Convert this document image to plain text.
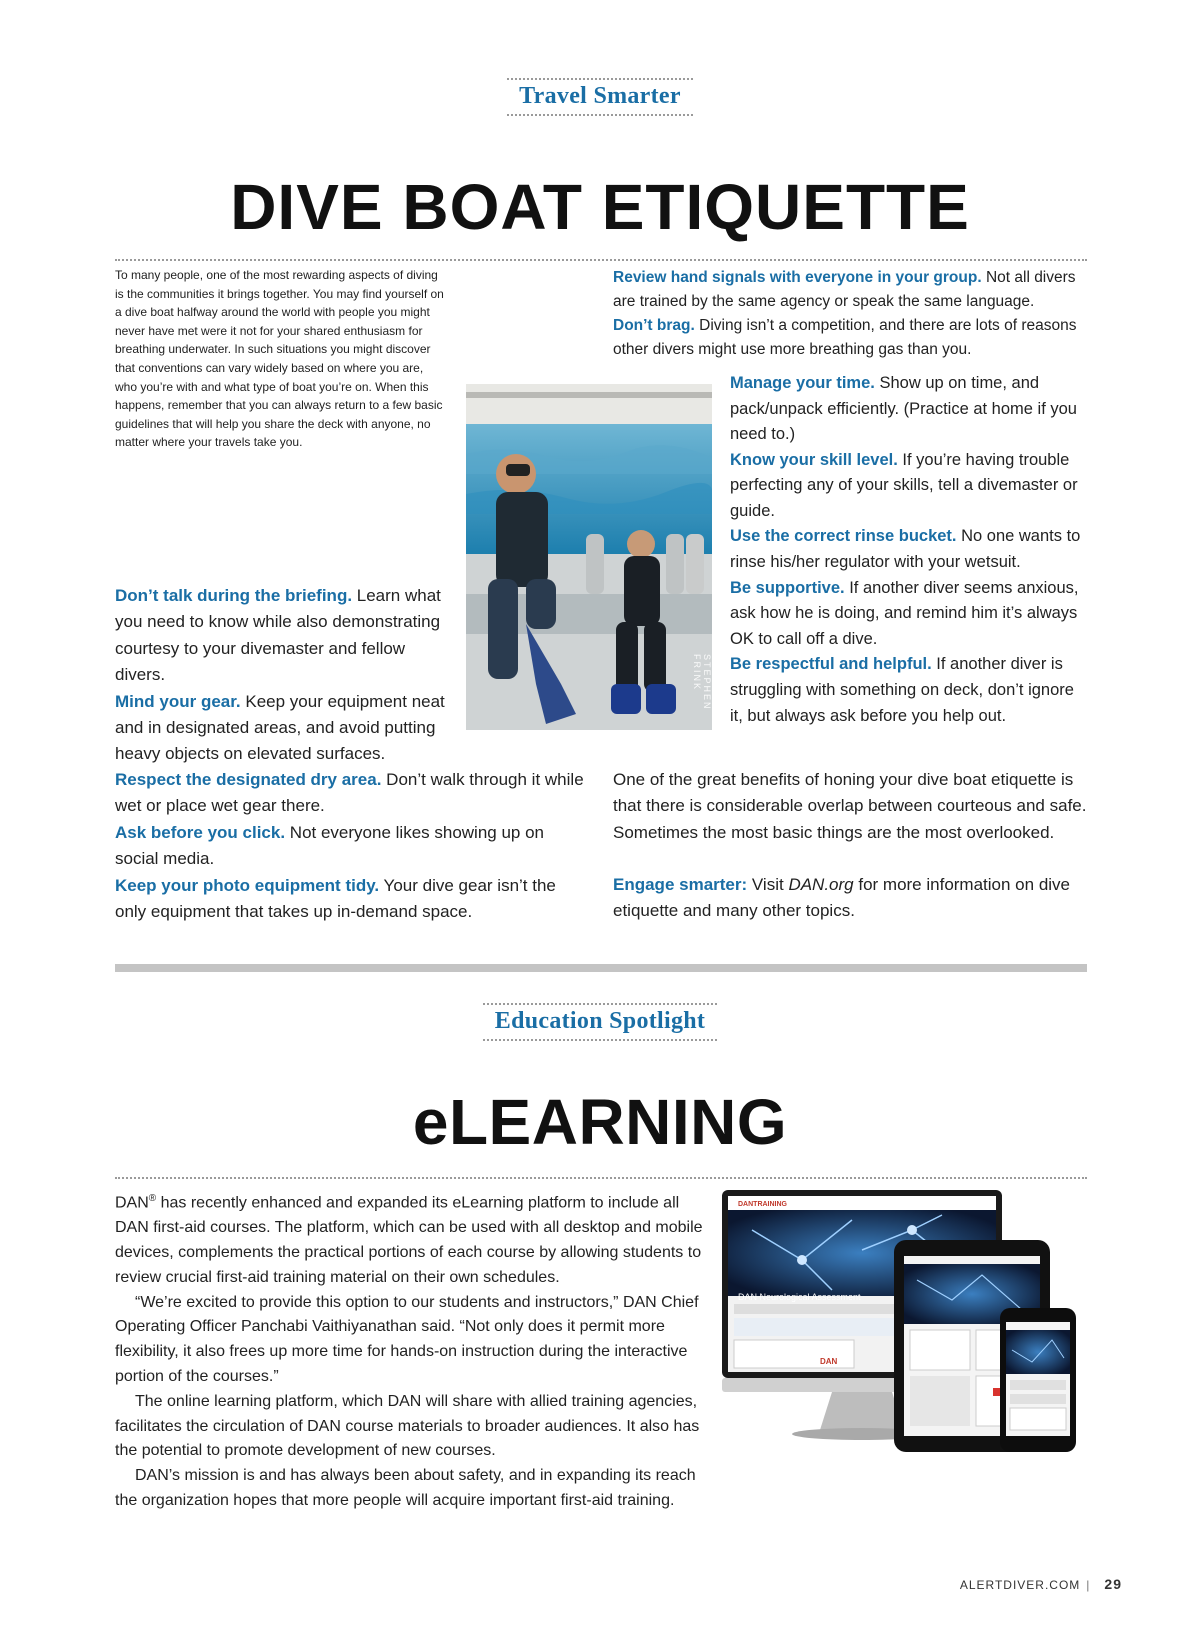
Travel Smarter
DIVE BOAT ETIQUETTE

To many people, one of the most rewarding aspects of diving is the communities it brings together. You may find yourself on a dive boat halfway around the world with people you might never have met were it not for your shared enthusiasm for breathing underwater. In such situations you might discover that conventions can vary widely based on where you are, who you’re with and what type of boat you’re on. When this happens, remember that you can always return to a few basic guidelines that will help you share the deck with anyone, no matter where your travels take you.

STEPHEN FRINK

Don’t talk during the briefing. Learn what you need to know while also demonstrating courtesy to your divemaster and fellow divers.

Mind your gear. Keep your equipment neat and in designated areas, and avoid putting heavy objects on elevated surfaces.

Respect the designated dry area. Don’t walk through it while wet or place wet gear there.

Ask before you click. Not everyone likes showing up on social media.

Keep your photo equipment tidy. Your dive gear isn’t the only equipment that takes up in-demand space.

Review hand signals with everyone in your group. Not all divers are trained by the same agency or speak the same language.

Don’t brag. Diving isn’t a competition, and there are lots of reasons other divers might use more breathing gas than you.

Manage your time. Show up on time, and pack/unpack efficiently. (Practice at home if you need to.)

Know your skill level. If you’re having trouble perfecting any of your skills, tell a divemaster or guide.

Use the correct rinse bucket. No one wants to rinse his/her regulator with your wetsuit.

Be supportive. If another diver seems anxious, ask how he is doing, and remind him it’s always OK to call off a dive.

Be respectful and helpful. If another diver is struggling with something on deck, don’t ignore it, but always ask before you help out.

One of the great benefits of honing your dive boat etiquette is that there is considerable overlap between courteous and safe. Sometimes the most basic things are the most overlooked.

Engage smarter: Visit DAN.org for more information on dive etiquette and many other topics.

Education Spotlight
eLEARNING

DAN® has recently enhanced and expanded its eLearning platform to include all DAN first-aid courses. The platform, which can be used with all desktop and mobile devices, complements the practical portions of each course by allowing students to review crucial first-aid training material on their own schedules.

“We’re excited to provide this option to our students and instructors,” DAN Chief Operating Officer Panchabi Vaithiyanathan said. “Not only does it permit more flexibility, it also frees up more time for hands-on instruction during the interactive portion of the courses.”

The online learning platform, which DAN will share with allied training agencies, facilitates the circulation of DAN course materials to broader audiences. It also has the potential to promote development of new courses.

DAN’s mission is and has always been about safety, and in expanding its reach the organization hopes that more people will acquire important first-aid training.

DANTRAINING
DAN Neurological Assessment
DAN
ALERTDIVER.COM | 29
